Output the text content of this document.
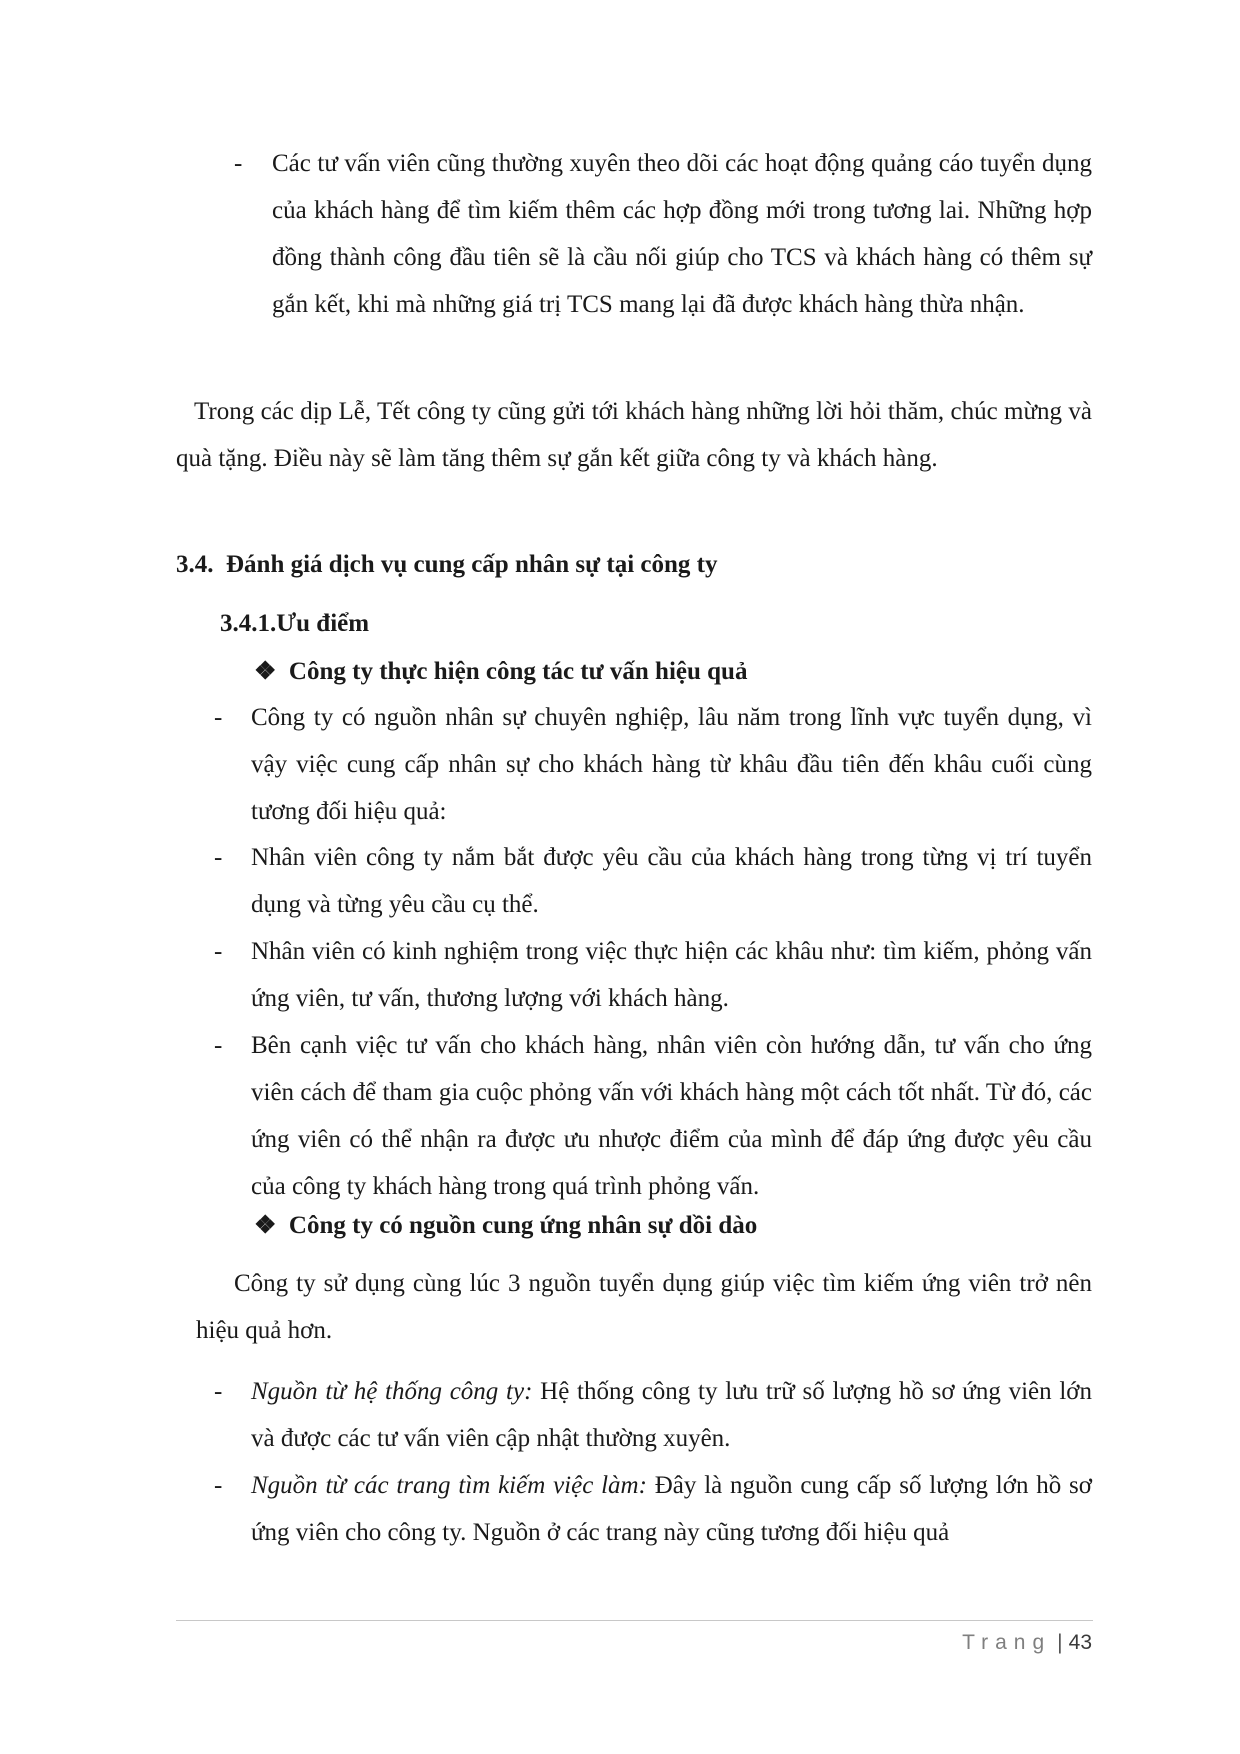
- Các tư vấn viên cũng thường xuyên theo dõi các hoạt động quảng cáo tuyển dụng của khách hàng để tìm kiếm thêm các hợp đồng mới trong tương lai. Những hợp đồng thành công đầu tiên sẽ là cầu nối giúp cho TCS và khách hàng có thêm sự gắn kết, khi mà những giá trị TCS mang lại đã được khách hàng thừa nhận.

Trong các dịp Lễ, Tết công ty cũng gửi tới khách hàng những lời hỏi thăm, chúc mừng và quà tặng. Điều này sẽ làm tăng thêm sự gắn kết giữa công ty và khách hàng.

3.4. Đánh giá dịch vụ cung cấp nhân sự tại công ty
3.4.1.Ưu điểm
❖ Công ty thực hiện công tác tư vấn hiệu quả
- Công ty có nguồn nhân sự chuyên nghiệp, lâu năm trong lĩnh vực tuyển dụng, vì vậy việc cung cấp nhân sự cho khách hàng từ khâu đầu tiên đến khâu cuối cùng tương đối hiệu quả:

- Nhân viên công ty nắm bắt được yêu cầu của khách hàng trong từng vị trí tuyển dụng và từng yêu cầu cụ thể.

- Nhân viên có kinh nghiệm trong việc thực hiện các khâu như: tìm kiếm, phỏng vấn ứng viên, tư vấn, thương lượng với khách hàng.

- Bên cạnh việc tư vấn cho khách hàng, nhân viên còn hướng dẫn, tư vấn cho ứng viên cách để tham gia cuộc phỏng vấn với khách hàng một cách tốt nhất. Từ đó, các ứng viên có thể nhận ra được ưu nhược điểm của mình để đáp ứng được yêu cầu của công ty khách hàng trong quá trình phỏng vấn.

❖ Công ty có nguồn cung ứng nhân sự dồi dào

Công ty sử dụng cùng lúc 3 nguồn tuyển dụng giúp việc tìm kiếm ứng viên trở nên hiệu quả hơn.

- Nguồn từ hệ thống công ty: Hệ thống công ty lưu trữ số lượng hồ sơ ứng viên lớn và được các tư vấn viên cập nhật thường xuyên.

- Nguồn từ các trang tìm kiếm việc làm: Đây là nguồn cung cấp số lượng lớn hồ sơ ứng viên cho công ty. Nguồn ở các trang này cũng tương đối hiệu quả

Trang | 43
